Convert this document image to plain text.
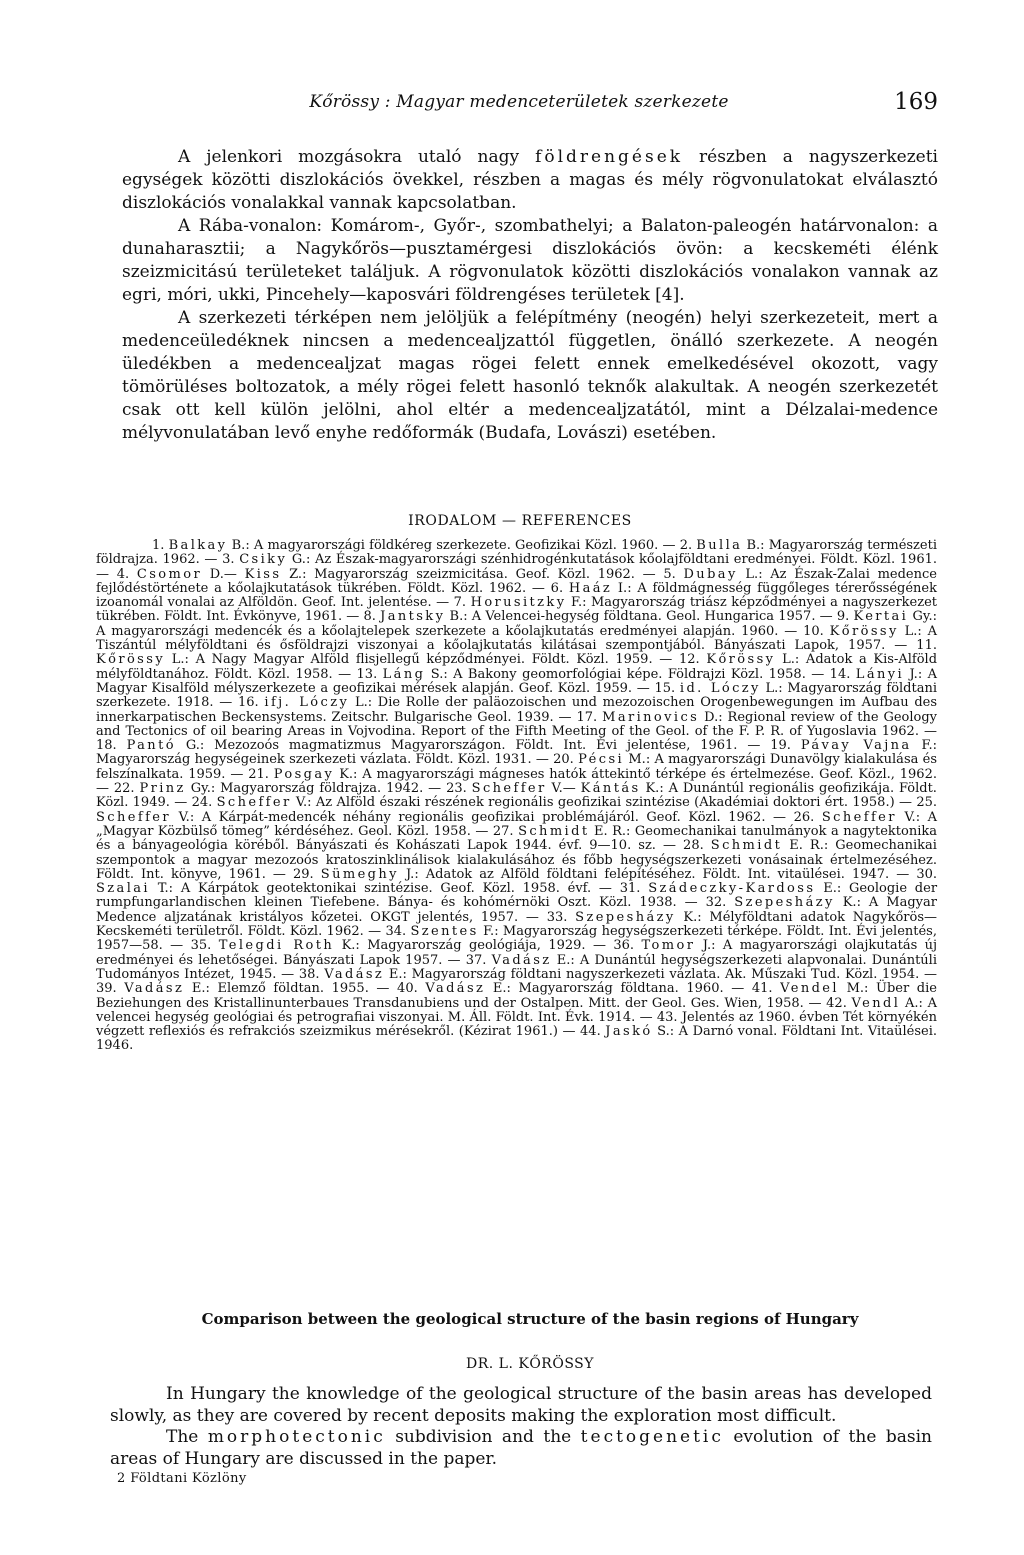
Kőrössy : Magyar medenceterületek szerkezete	169

A jelenkori mozgásokra utaló nagy földrengések részben a nagyszerkezeti egységek közötti diszlokációs övekkel, részben a magas és mély rögvonulatokat elválasztó diszlokációs vonalakkal vannak kapcsolatban.

A Rába-vonalon: Komárom-, Győr-, szombathelyi; a Balaton-paleogén határvonalon: a dunaharasztii; a Nagykőrös—pusztamérgesi diszlokációs övön: a kecskeméti élénk szeizmicitású területeket találjuk. A rögvonulatok közötti diszlokációs vonalakon vannak az egri, móri, ukki, Pincehely—kaposvári földrengéses területek [4].

A szerkezeti térképen nem jelöljük a felépítmény (neogén) helyi szerkezeteit, mert a medenceüledéknek nincsen a medencealjzattól független, önálló szerkezete. A neogén üledékben a medencealjzat magas rögei felett ennek emelkedésével okozott, vagy tömörüléses boltozatok, a mély rögei felett hasonló teknők alakultak. A neogén szerkezetét csak ott kell külön jelölni, ahol eltér a medencealjzatától, mint a Délzalai-medence mélyvonulatában levő enyhe redőformák (Budafa, Lovászi) esetében.

IRODALOM — REFERENCES
1. Balkay B.: A magyarországi földkéreg szerkezete. Geofizikai Közl. 1960. — 2. Bulla B.: Magyarország természeti földrajza. 1962. — 3. Csiky G.: Az Észak-magyarországi szénhidrogénkutatások kőolajföldtani eredményei. Földt. Közl. 1961. — 4. Csomor D.— Kiss Z.: Magyarország szeizmicitása. Geof. Közl. 1962. — 5. Dubay L.: Az Észak-Zalai medence fejlődéstörténete a kőolajkutatások tükrében. Földt. Közl. 1962. — 6. Haáz I.: A földmágnesség függőleges térerősségének izoanomál vonalai az Alföldön. Geof. Int. jelentése. — 7. Horusitzky F.: Magyarország triász képződményei a nagyszerkezet tükrében. Földt. Int. Évkönyve, 1961. — 8. Jantsky B.: A Velencei-hegység földtana. Geol. Hungarica 1957. — 9. Kertai Gy.: A magyarországi medencék és a kőolajtelepek szerkezete a kőolajkutatás eredményei alapján. 1960. — 10. Kőrössy L.: A Tiszántúl mélyföldtani és ősföldrajzi viszonyai a kőolajkutatás kilátásai szempontjából. Bányászati Lapok, 1957. — 11. Kőrössy L.: A Nagy Magyar Alföld flisjellegű képződményei. Földt. Közl. 1959. — 12. Kőrössy L.: Adatok a Kis-Alföld mélyföldtanához. Földt. Közl. 1958. — 13. Láng S.: A Bakony geomorfológiai képe. Földrajzi Közl. 1958. — 14. Lányi J.: A Magyar Kisalföld mélyszerkezete a geofizikai mérések alapján. Geof. Közl. 1959. — 15. id. Lóczy L.: Magyarország földtani szerkezete. 1918. — 16. ifj. Lóczy L.: Die Rolle der paläozoischen und mezozoischen Orogenbewegungen im Aufbau des innerkarpatischen Beckensystems. Zeitschr. Bulgarische Geol. 1939. — 17. Marinovics D.: Regional review of the Geology and Tectonics of oil bearing Areas in Vojvodina. Report of the Fifth Meeting of the Geol. of the F. P. R. of Yugoslavia 1962. — 18. Pantó G.: Mezozoós magmatizmus Magyarországon. Földt. Int. Évi jelentése, 1961. — 19. Pávay Vajna F.: Magyarország hegységeinek szerkezeti vázlata. Földt. Közl. 1931. — 20. Pécsi M.: A magyarországi Dunavölgy kialakulása és felszínalkata. 1959. — 21. Posgay K.: A magyarországi mágneses hatók áttekintő térképe és értelmezése. Geof. Közl., 1962. — 22. Prinz Gy.: Magyarország földrajza. 1942. — 23. Scheffer V.— Kántás K.: A Dunántúl regionális geofizikája. Földt. Közl. 1949. — 24. Scheffer V.: Az Alföld északi részének regionális geofizikai szintézise (Akadémiai doktori ért. 1958.) — 25. Scheffer V.: A Kárpát-medencék néhány regionális geofizikai problémájáról. Geof. Közl. 1962. — 26. Scheffer V.: A „Magyar Közbülső tömeg” kérdéséhez. Geol. Közl. 1958. — 27. Schmidt E. R.: Geomechanikai tanulmányok a nagytektonika és a bányageológia köréből. Bányászati és Kohászati Lapok 1944. évf. 9—10. sz. — 28. Schmidt E. R.: Geomechanikai szempontok a magyar mezozoós kratoszinklinálisok kialakulásához és főbb hegységszerkezeti vonásainak értelmezéséhez. Földt. Int. könyve, 1961. — 29. Sümeghy J.: Adatok az Alföld földtani felépítéséhez. Földt. Int. vitaülései. 1947. — 30. Szalai T.: A Kárpátok geotektonikai szintézise. Geof. Közl. 1958. évf. — 31. Szádeczky-Kardoss E.: Geologie der rumpfungarlandischen kleinen Tiefebene. Bánya- és kohómérnöki Oszt. Közl. 1938. — 32. Szepesházy K.: A Magyar Medence aljzatának kristályos kőzetei. OKGT jelentés, 1957. — 33. Szepesházy K.: Mélyföldtani adatok Nagykőrös—Kecskeméti területről. Földt. Közl. 1962. — 34. Szentes F.: Magyarország hegységszerkezeti térképe. Földt. Int. Évi jelentés, 1957—58. — 35. Telegdi Roth K.: Magyarország geológiája, 1929. — 36. Tomor J.: A magyarországi olajkutatás új eredményei és lehetőségei. Bányászati Lapok 1957. — 37. Vadász E.: A Dunántúl hegységszerkezeti alapvonalai. Dunántúli Tudományos Intézet, 1945. — 38. Vadász E.: Magyarország földtani nagyszerkezeti vázlata. Ak. Műszaki Tud. Közl. 1954. — 39. Vadász E.: Elemző földtan. 1955. — 40. Vadász E.: Magyarország földtana. 1960. — 41. Vendel M.: Über die Beziehungen des Kristallinunterbaues Transdanubiens und der Ostalpen. Mitt. der Geol. Ges. Wien, 1958. — 42. Vendl A.: A velencei hegység geológiai és petrografiai viszonyai. M. Áll. Földt. Int. Évk. 1914. — 43. Jelentés az 1960. évben Tét környékén végzett reflexiós és refrakciós szeizmikus mérésekről. (Kézirat 1961.) — 44. Jaskó S.: A Darnó vonal. Földtani Int. Vitaülései. 1946.
Comparison between the geological structure of the basin regions of Hungary
DR. L. KŐRÖSSY

In Hungary the knowledge of the geological structure of the basin areas has developed slowly, as they are covered by recent deposits making the exploration most difficult.

The morphotectonic subdivision and the tectogenetic evolution of the basin areas of Hungary are discussed in the paper.

2 Földtani Közlöny
